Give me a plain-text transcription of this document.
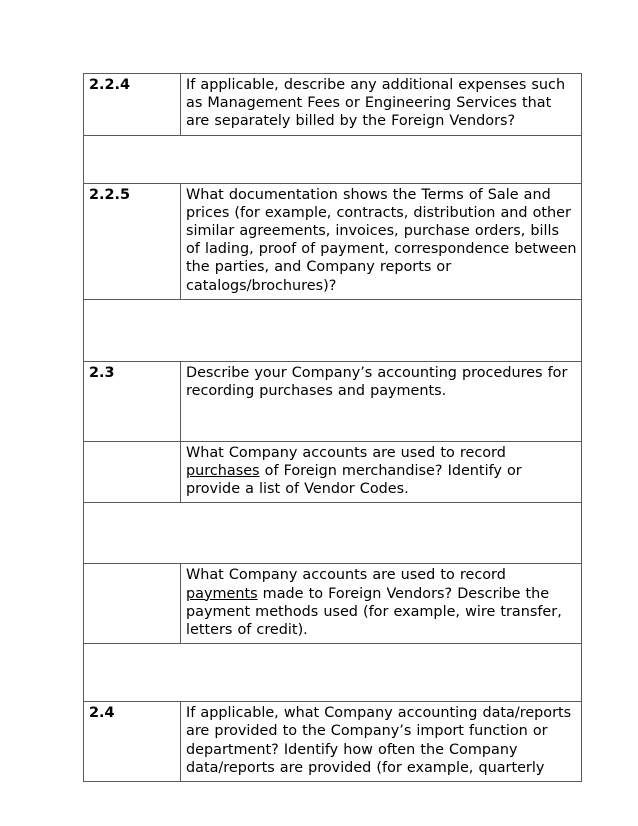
2.2.4	If applicable, describe any additional expenses such as Management Fees or Engineering Services that are separately billed by the Foreign Vendors?

2.2.5	What documentation shows the Terms of Sale and prices (for example, contracts, distribution and other similar agreements, invoices, purchase orders, bills of lading, proof of payment, correspondence between the parties, and Company reports or catalogs/brochures)?

2.3	Describe your Company’s accounting procedures for recording purchases and payments.
	What Company accounts are used to record purchases of Foreign merchandise? Identify or provide a list of Vendor Codes.

	What Company accounts are used to record payments made to Foreign Vendors? Describe the payment methods used (for example, wire transfer, letters of credit).

2.4	If applicable, what Company accounting data/reports are provided to the Company’s import function or department? Identify how often the Company data/reports are provided (for example, quarterly
